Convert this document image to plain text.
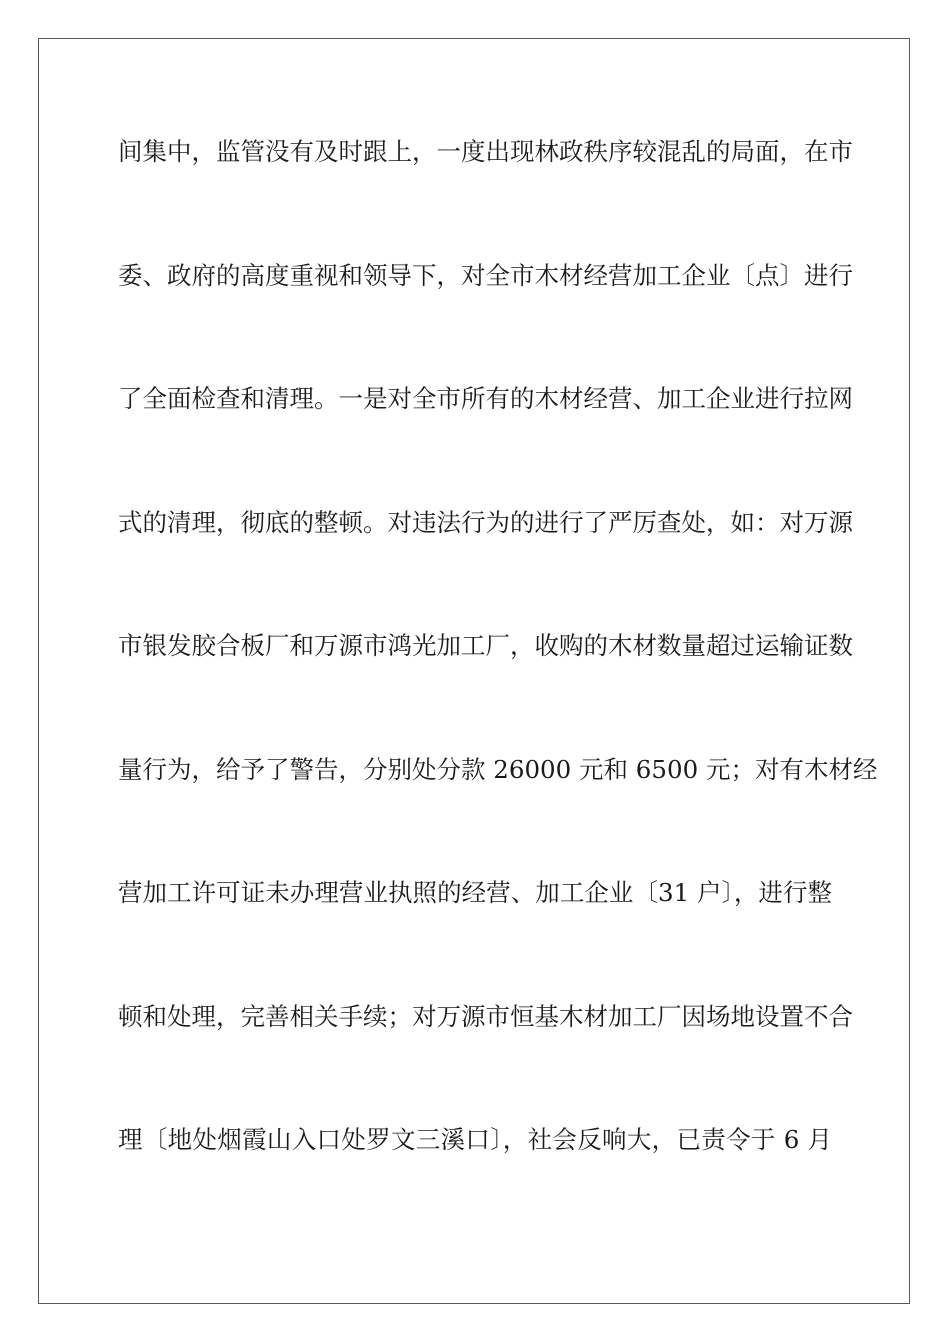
间集中，监管没有及时跟上，一度出现林政秩序较混乱的局面，在市
委、政府的高度重视和领导下，对全市木材经营加工企业〔点〕进行
了全面检查和清理。一是对全市所有的木材经营、加工企业进行拉网
式的清理，彻底的整顿。对违法行为的进行了严厉查处，如：对万源
市银发胶合板厂和万源市鸿光加工厂，收购的木材数量超过运输证数
量行为，给予了警告，分别处分款 26000 元和 6500 元；对有木材经
营加工许可证未办理营业执照的经营、加工企业〔31 户〕，进行整
顿和处理，完善相关手续；对万源市恒基木材加工厂因场地设置不合
理〔地处烟霞山入口处罗文三溪口〕，社会反响大，已责令于 6 月
